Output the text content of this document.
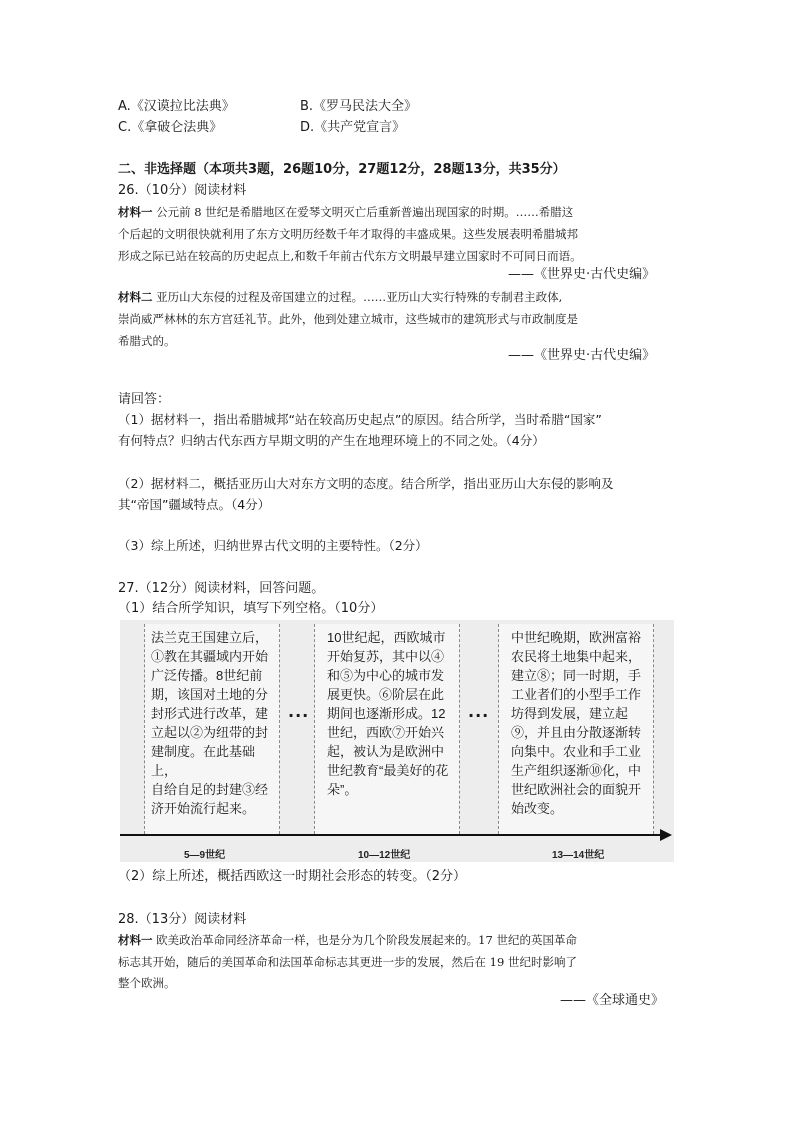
A.《汉谟拉比法典》	B.《罗马民法大全》
C.《拿破仑法典》	D.《共产党宣言》
二、非选择题（本项共3题，26题10分，27题12分，28题13分，共35分）
26.（10分）阅读材料
材料一 公元前 8 世纪是希腊地区在爱琴文明灭亡后重新普遍出现国家的时期。……希腊这
个后起的文明很快就利用了东方文明历经数千年才取得的丰盛成果。这些发展表明希腊城邦
形成之际已站在较高的历史起点上,和数千年前古代东方文明最早建立国家时不可同日而语。
——《世界史·古代史编》
材料二 亚历山大东侵的过程及帝国建立的过程。……亚历山大实行特殊的专制君主政体,
崇尚威严林林的东方宫廷礼节。此外，他到处建立城市，这些城市的建筑形式与市政制度是
希腊式的。
——《世界史·古代史编》
请回答：
（1）据材料一，指出希腊城邦“站在较高历史起点”的原因。结合所学，当时希腊“国家”
有何特点？归纳古代东西方早期文明的产生在地理环境上的不同之处。（4分）
（2）据材料二，概括亚历山大对东方文明的态度。结合所学，指出亚历山大东侵的影响及
其“帝国”疆域特点。（4分）
（3）综上所述，归纳世界古代文明的主要特性。（2分）
27.（12分）阅读材料，回答问题。
（1）结合所学知识，填写下列空格。（10分）
法兰克王国建立后，
①教在其疆域内开始
广泛传播。8世纪前
期，该国对土地的分
封形式进行改革，建
立起以②为纽带的封
建制度。在此基础上，
自给自足的封建③经
济开始流行起来。
···
10世纪起，西欧城市
开始复苏，其中以④
和⑤为中心的城市发
展更快。⑥阶层在此
期间也逐渐形成。12
世纪，西欧⑦开始兴
起，被认为是欧洲中
世纪教育“最美好的花
朵”。
···
中世纪晚期，欧洲富裕
农民将土地集中起来，
建立⑧；同一时期，手
工业者们的小型手工作
坊得到发展，建立起
⑨，并且由分散逐渐转
向集中。农业和手工业
生产组织逐渐⑩化，中
世纪欧洲社会的面貌开
始改变。
5—9世纪	10—12世纪	13—14世纪
（2）综上所述，概括西欧这一时期社会形态的转变。（2分）
28.（13分）阅读材料
材料一 欧美政治革命同经济革命一样，也是分为几个阶段发展起来的。17 世纪的英国革命
标志其开始，随后的美国革命和法国革命标志其更进一步的发展，然后在 19 世纪时影响了
整个欧洲。
——《全球通史》
